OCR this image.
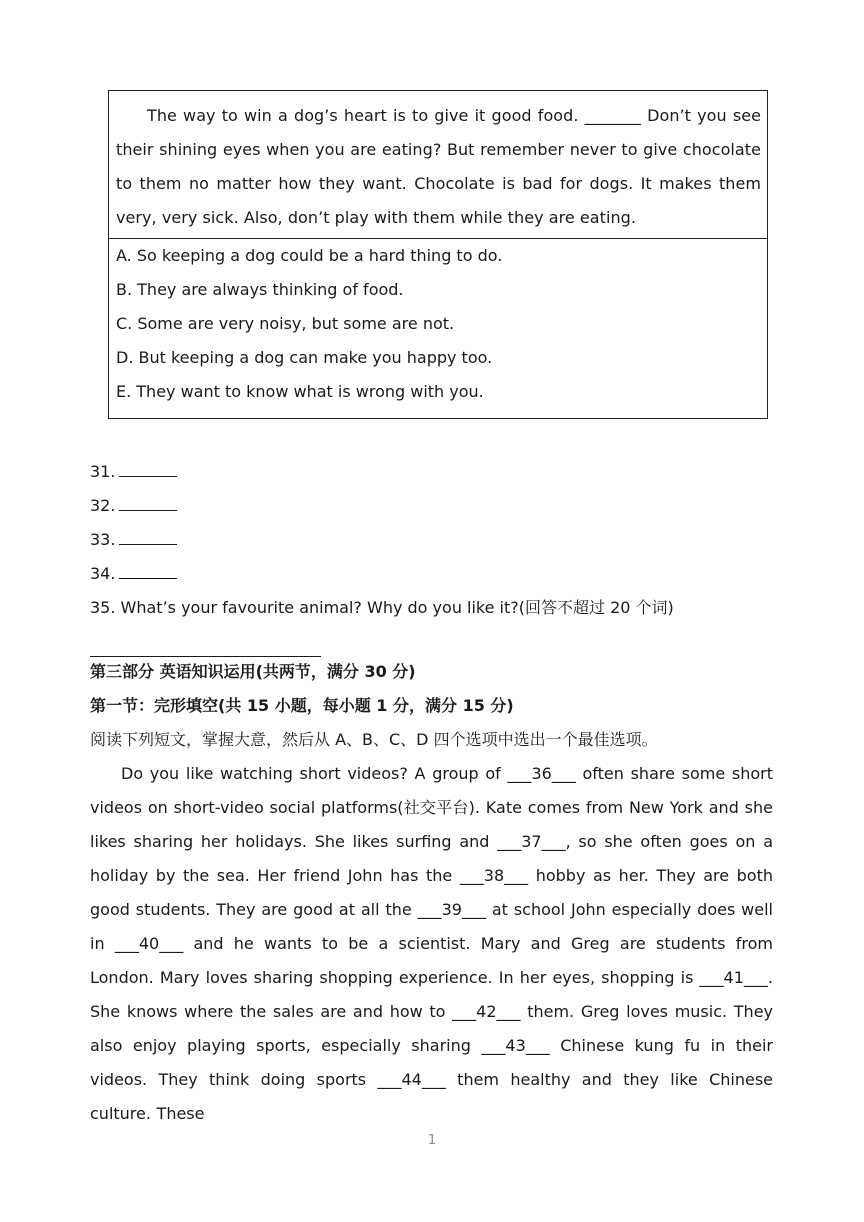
The way to win a dog’s heart is to give it good food. _______ Don’t you see their shining eyes when you are eating? But remember never to give chocolate to them no matter how they want. Chocolate is bad for dogs. It makes them very, very sick. Also, don’t play with them while they are eating.
A. So keeping a dog could be a hard thing to do.
B. They are always thinking of food.
C. Some are very noisy, but some are not.
D. But keeping a dog can make you happy too.
E. They want to know what is wrong with you.
31.
32.
33.
34.
35. What’s your favourite animal? Why do you like it?(回答不超过 20 个词)
第三部分 英语知识运用(共两节，满分 30 分)
第一节：完形填空(共 15 小题，每小题 1 分，满分 15 分)
阅读下列短文，掌握大意，然后从 A、B、C、D 四个选项中选出一个最佳选项。
Do you like watching short videos? A group of ___36___ often share some short videos on short-video social platforms(社交平台). Kate comes from New York and she likes sharing her holidays. She likes surfing and ___37___, so she often goes on a holiday by the sea. Her friend John has the ___38___ hobby as her. They are both good students. They are good at all the ___39___ at school John especially does well in ___40___ and he wants to be a scientist. Mary and Greg are students from London. Mary loves sharing shopping experience. In her eyes, shopping is ___41___. She knows where the sales are and how to ___42___ them. Greg loves music. They also enjoy playing sports, especially sharing ___43___ Chinese kung fu in their videos. They think doing sports ___44___ them healthy and they like Chinese culture. These
1
